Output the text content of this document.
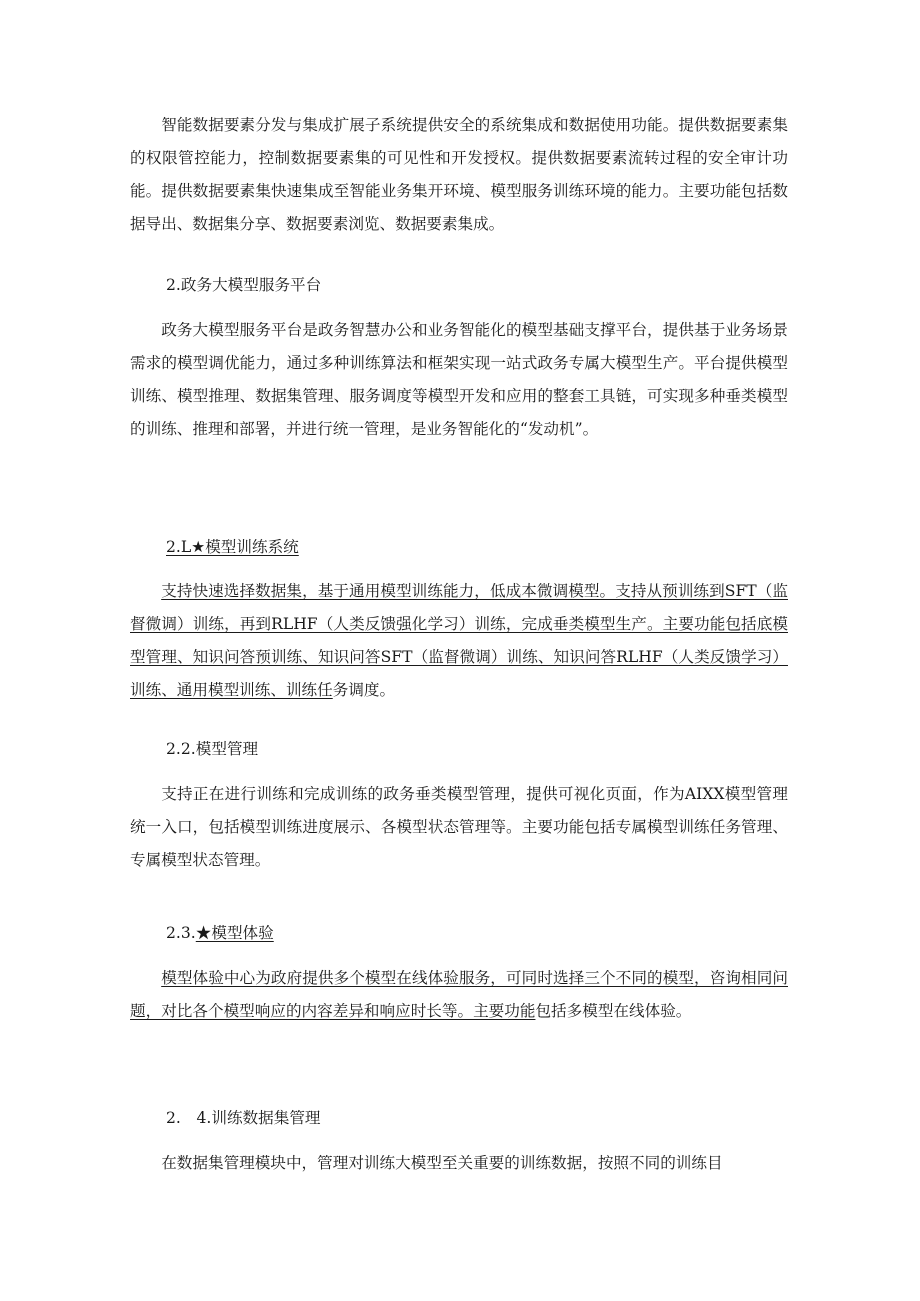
智能数据要素分发与集成扩展子系统提供安全的系统集成和数据使用功能。提供数据要素集的权限管控能力，控制数据要素集的可见性和开发授权。提供数据要素流转过程的安全审计功能。提供数据要素集快速集成至智能业务集开环境、模型服务训练环境的能力。主要功能包括数据导出、数据集分享、数据要素浏览、数据要素集成。

2.政务大模型服务平台

政务大模型服务平台是政务智慧办公和业务智能化的模型基础支撑平台，提供基于业务场景需求的模型调优能力，通过多种训练算法和框架实现一站式政务专属大模型生产。平台提供模型训练、模型推理、数据集管理、服务调度等模型开发和应用的整套工具链，可实现多种垂类模型的训练、推理和部署，并进行统一管理，是业务智能化的“发动机”。

2.L★模型训练系统

支持快速选择数据集，基于通用模型训练能力，低成本微调模型。支持从预训练到SFT（监督微调）训练，再到RLHF（人类反馈强化学习）训练，完成垂类模型生产。主要功能包括底模型管理、知识问答预训练、知识问答SFT（监督微调）训练、知识问答RLHF（人类反馈学习）训练、通用模型训练、训练任务调度。

2.2.模型管理

支持正在进行训练和完成训练的政务垂类模型管理，提供可视化页面，作为AIXX模型管理统一入口，包括模型训练进度展示、各模型状态管理等。主要功能包括专属模型训练任务管理、专属模型状态管理。

2.3.★模型体验

模型体验中心为政府提供多个模型在线体验服务，可同时选择三个不同的模型，咨询相同问题，对比各个模型响应的内容差异和响应时长等。主要功能包括多模型在线体验。

2.　4.训练数据集管理

在数据集管理模块中，管理对训练大模型至关重要的训练数据，按照不同的训练目
